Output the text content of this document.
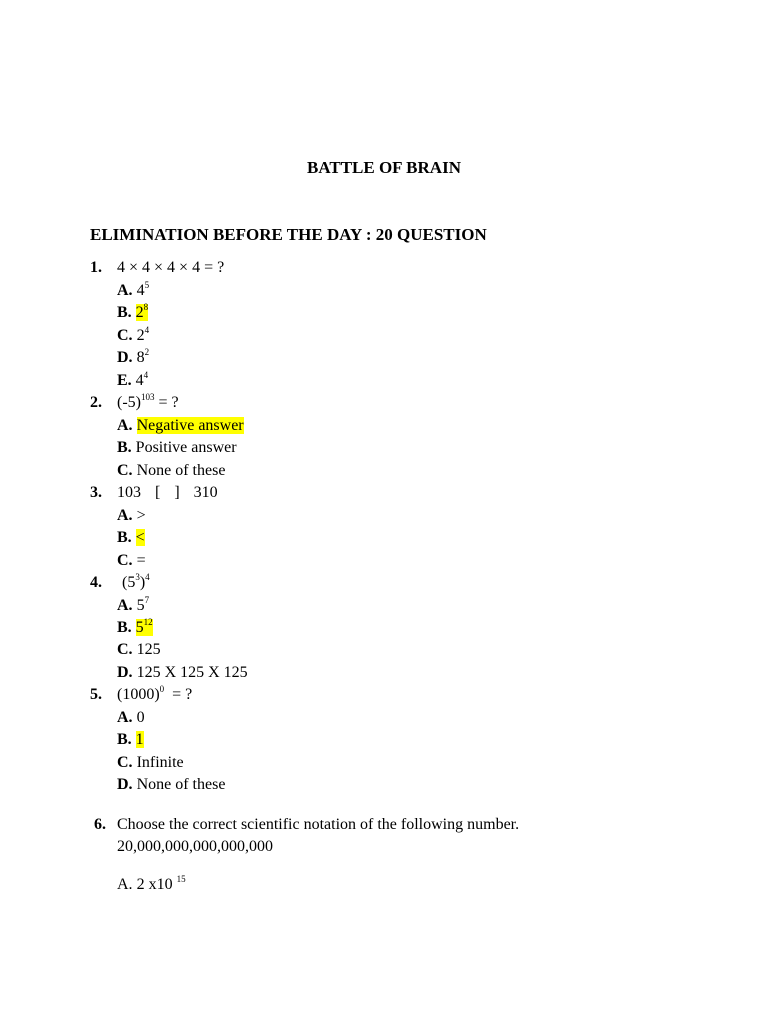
BATTLE OF BRAIN
ELIMINATION BEFORE THE DAY : 20 QUESTION
1. 4 × 4 × 4 × 4 = ?
A. $4^5$
B. $2^8$
C. $2^4$
D. $8^2$
E. $4^4$
2. $(-5)^{103}$ = ?
A. Negative answer
B. Positive answer
C. None of these
3. 103 [ ] 310
A. >
B. <
C. =
4. $(5^3)^4$
A. $5^7$
B. $5^{12}$
C. 125
D. 125 X 125 X 125
5. $(1000)^0$  = ?
A. 0
B. 1
C. Infinite
D. None of these
6. Choose the correct scientific notation of the following number.
20,000,000,000,000,000
A. 2 x10 $^{15}$
